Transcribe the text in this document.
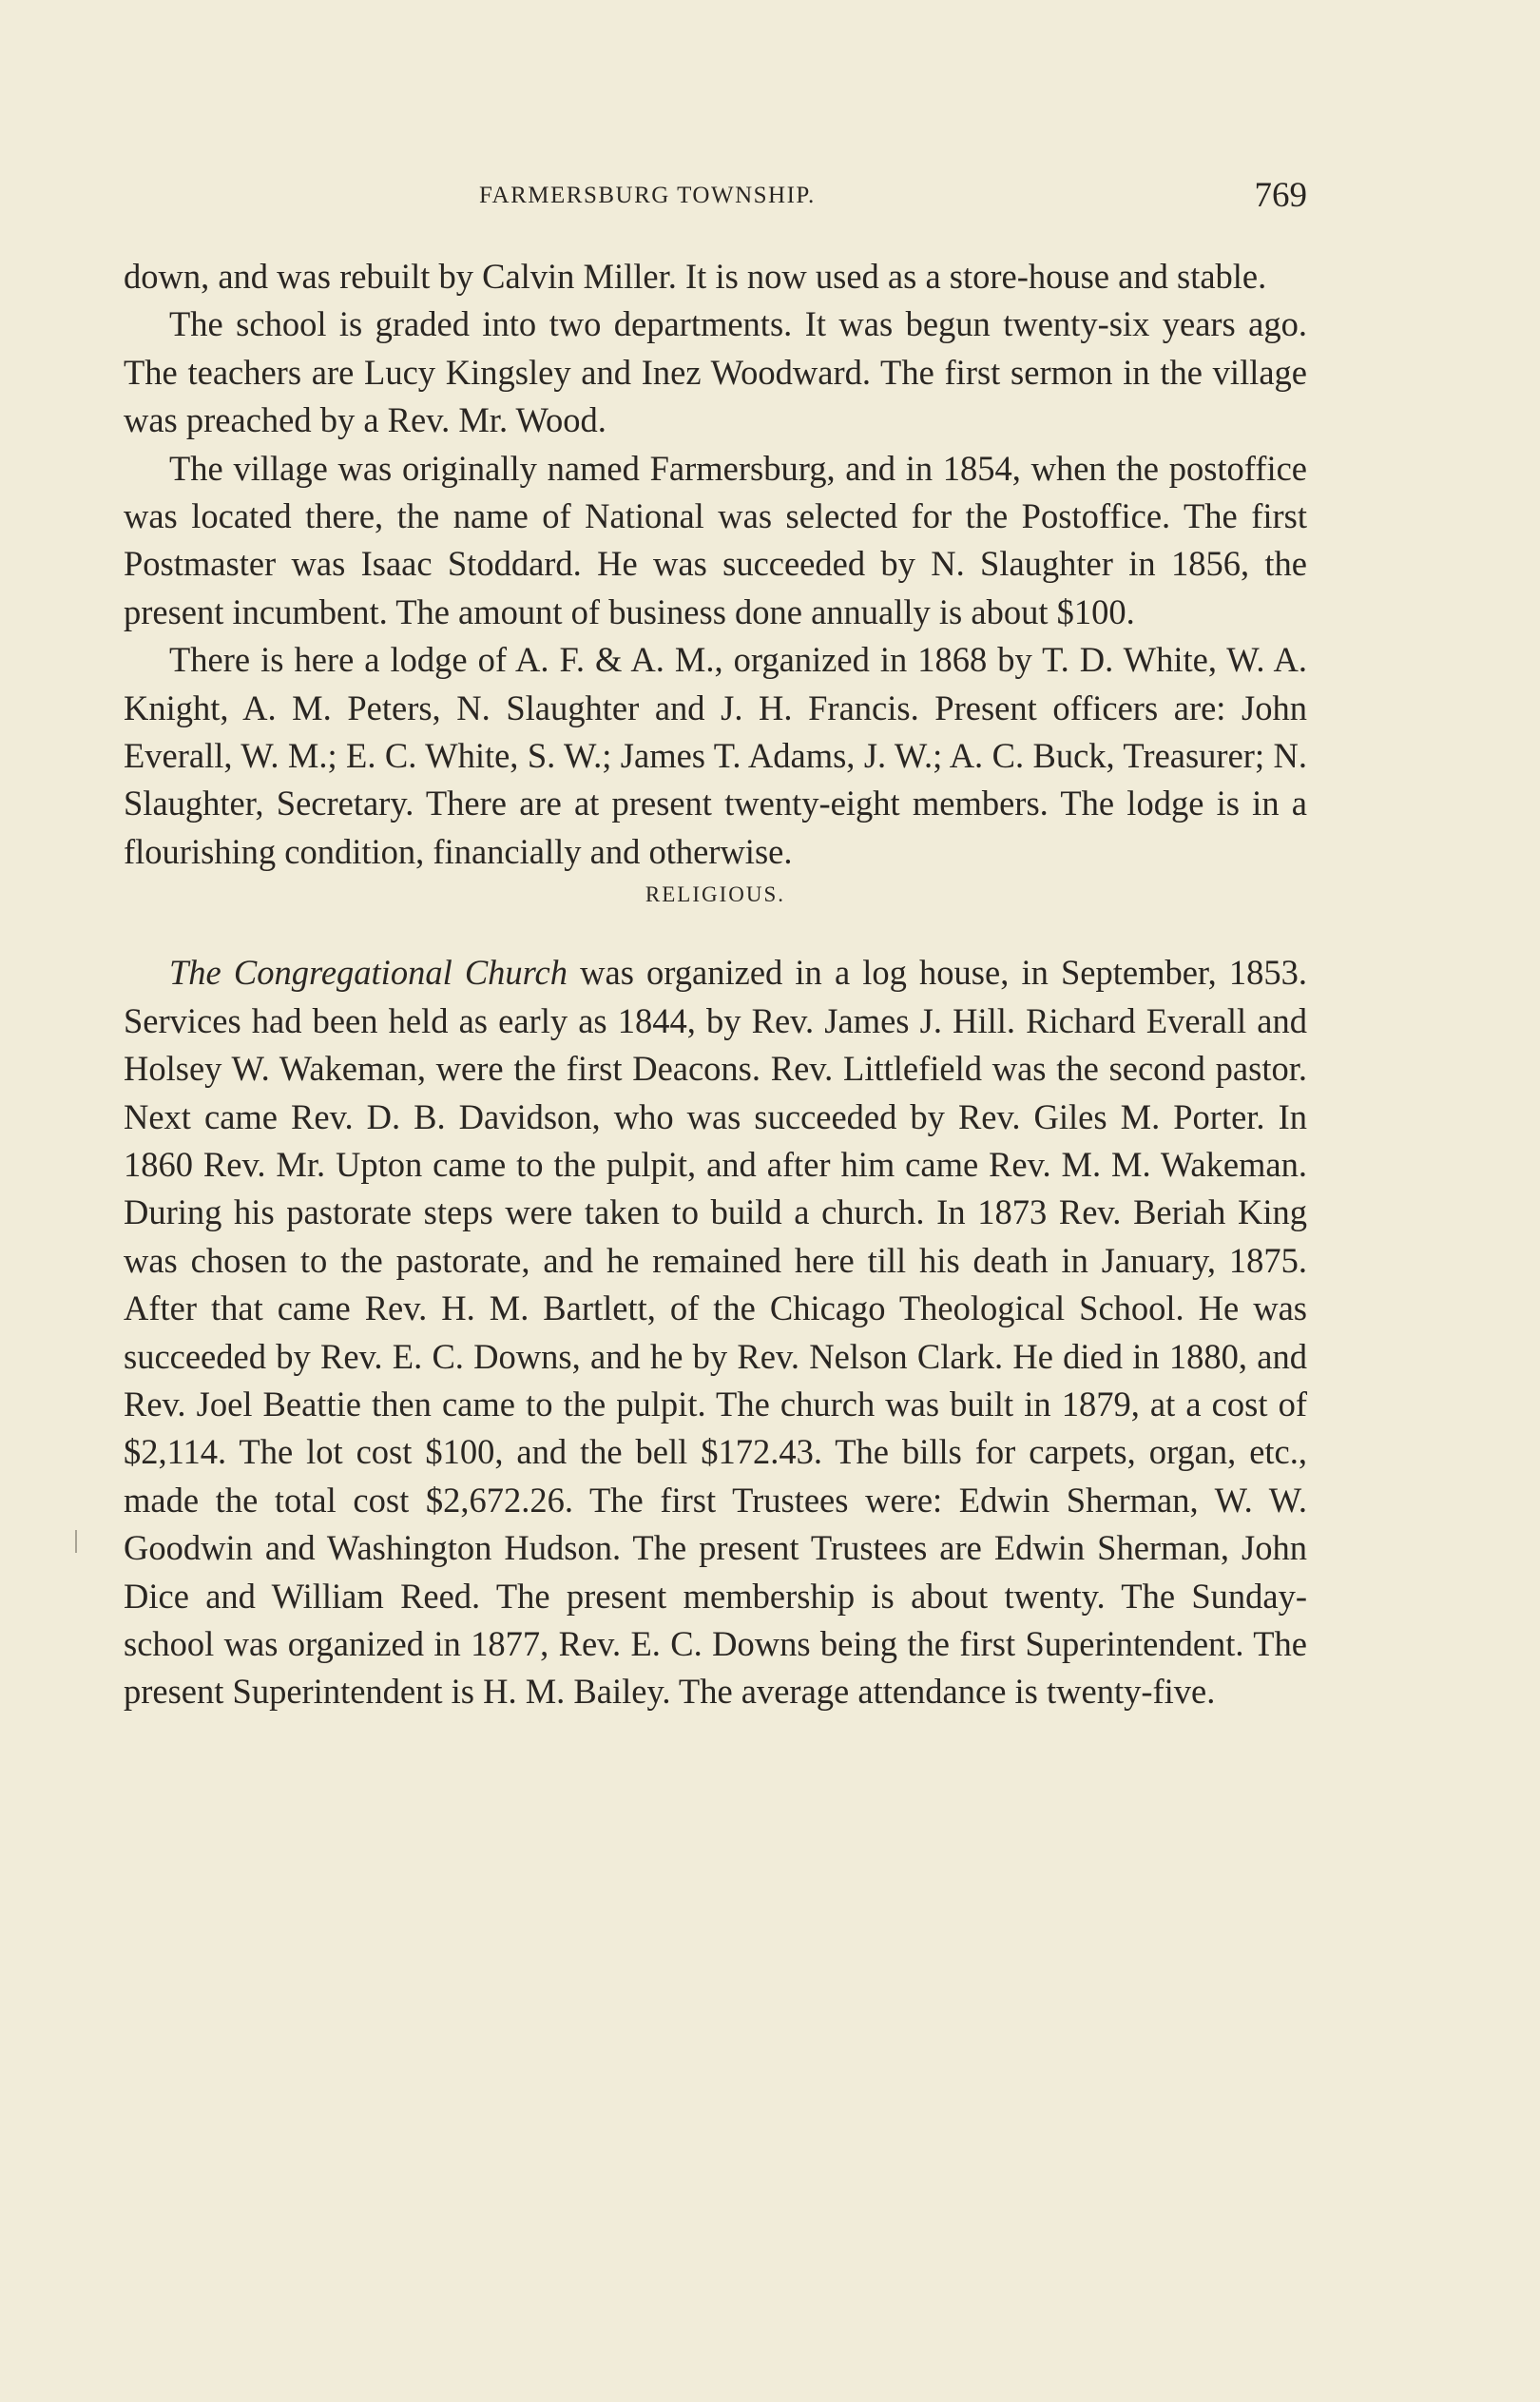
FARMERSBURG TOWNSHIP.	769

down, and was rebuilt by Calvin Miller. It is now used as a store-house and stable.

The school is graded into two departments. It was begun twenty-six years ago. The teachers are Lucy Kingsley and Inez Woodward. The first sermon in the village was preached by a Rev. Mr. Wood.

The village was originally named Farmersburg, and in 1854, when the postoffice was located there, the name of National was selected for the Postoffice. The first Postmaster was Isaac Stoddard. He was succeeded by N. Slaughter in 1856, the present incumbent. The amount of business done annually is about $100.

There is here a lodge of A. F. & A. M., organized in 1868 by T. D. White, W. A. Knight, A. M. Peters, N. Slaughter and J. H. Francis. Present officers are: John Everall, W. M.; E. C. White, S. W.; James T. Adams, J. W.; A. C. Buck, Treasurer; N. Slaughter, Secretary. There are at present twenty-eight members. The lodge is in a flourishing condition, financially and otherwise.

RELIGIOUS.

The Congregational Church was organized in a log house, in September, 1853. Services had been held as early as 1844, by Rev. James J. Hill. Richard Everall and Holsey W. Wakeman, were the first Deacons. Rev. Littlefield was the second pastor. Next came Rev. D. B. Davidson, who was succeeded by Rev. Giles M. Porter. In 1860 Rev. Mr. Upton came to the pulpit, and after him came Rev. M. M. Wakeman. During his pastorate steps were taken to build a church. In 1873 Rev. Beriah King was chosen to the pastorate, and he remained here till his death in January, 1875. After that came Rev. H. M. Bartlett, of the Chicago Theological School. He was succeeded by Rev. E. C. Downs, and he by Rev. Nelson Clark. He died in 1880, and Rev. Joel Beattie then came to the pulpit. The church was built in 1879, at a cost of $2,114. The lot cost $100, and the bell $172.43. The bills for carpets, organ, etc., made the total cost $2,672.26. The first Trustees were: Edwin Sherman, W. W. Goodwin and Washington Hudson. The present Trustees are Edwin Sherman, John Dice and William Reed. The present membership is about twenty. The Sunday-school was organized in 1877, Rev. E. C. Downs being the first Superintendent. The present Superintendent is H. M. Bailey. The average attendance is twenty-five.
